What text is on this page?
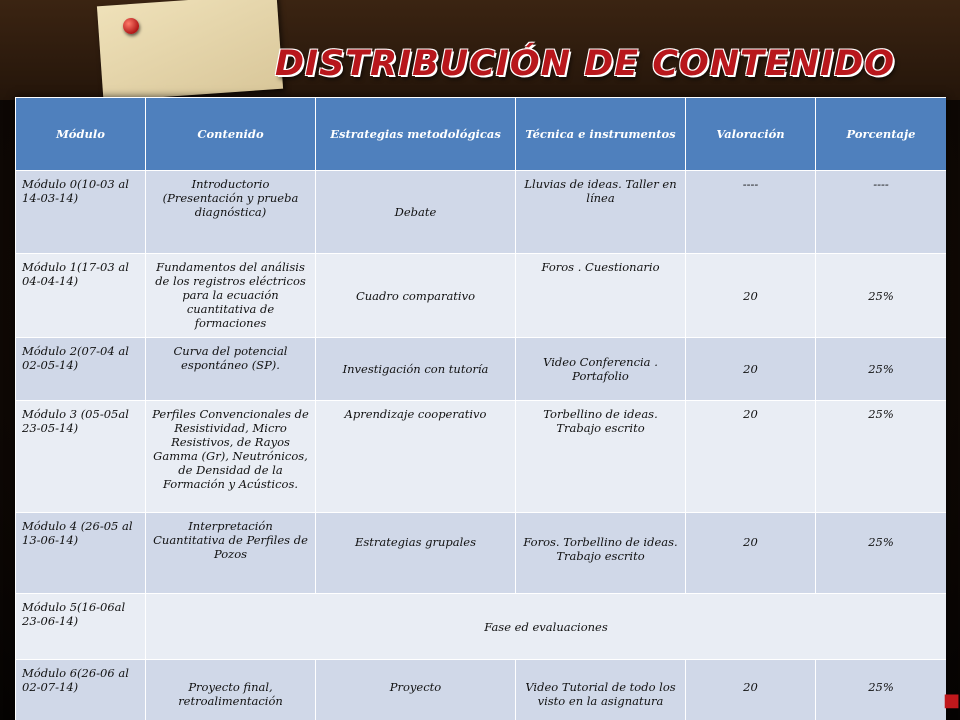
DISTRIBUCIÓN DE CONTENIDO
Módulo	Contenido	Estrategias metodológicas	Técnica e instrumentos	Valoración	Porcentaje
Módulo 0(10-03 al 14-03-14)	Introductorio (Presentación y prueba diagnóstica)	Debate	Lluvias de ideas. Taller en línea	----	----
Módulo 1(17-03 al 04-04-14)	Fundamentos del análisis de los registros eléctricos para la ecuación cuantitativa de formaciones	Cuadro comparativo	Foros . Cuestionario	20	25%
Módulo 2(07-04 al 02-05-14)	Curva del potencial espontáneo (SP).	Investigación con tutoría	Video Conferencia . Portafolio	20	25%
Módulo 3 (05-05al 23-05-14)	Perfiles Convencionales de Resistividad, Micro Resistivos, de Rayos Gamma (Gr), Neutrónicos, de Densidad de la Formación y Acústicos.	Aprendizaje cooperativo	Torbellino de ideas. Trabajo escrito	20	25%
Módulo 4 (26-05 al 13-06-14)	Interpretación Cuantitativa de Perfiles de Pozos	Estrategias grupales	Foros. Torbellino de ideas. Trabajo escrito	20	25%
Módulo 5(16-06al 23-06-14)	Fase ed evaluaciones				
Módulo 6(26-06 al 02-07-14)	Proyecto final, retroalimentación	Proyecto	Video Tutorial de todo los visto en la asignatura	20	25%
■
